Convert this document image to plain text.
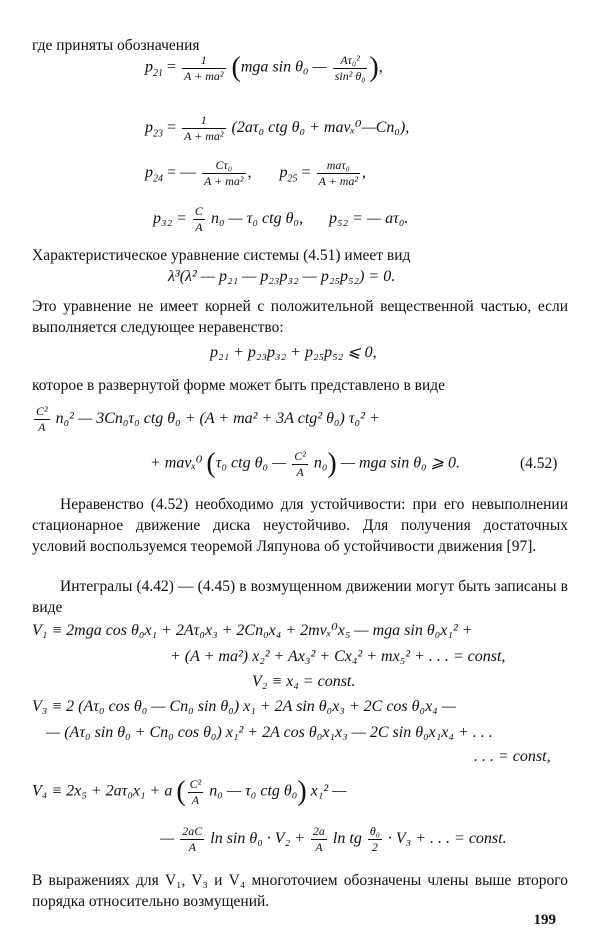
где приняты обозначения
$p_{21} = \frac{1}{\text{A + ma²}} (mga$ sin θ₀ — $\frac{\text{Aτ₀²}}{\text{sin² θ₀}}$ ),
$p_{23} = \frac{1}{\text{A + ma²}} (2a\tau_0$ ctg θ₀ + mavₓ⁰—Cn₀),
$p_{24}$ = — $\frac{\text{Cτ₀}}{\text{A + ma²}}$ , $p_{25} = \frac{\text{maτ₀}}{\text{A + ma²}}$ ,
$p_{32} = \frac{C}{A} n_0$ — τ₀ ctg θ₀, p₅₂ = — aτ₀.
Характеристическое уравнение системы (4.51) имеет вид
λ³(λ² — p₂₁ — p₂₃p₃₂ — p₂₅p₅₂) = 0.
Это уравнение не имеет корней с положительной вещественной частью, если выполняется следующее неравенство:
p₂₁ + p₂₃p₃₂ + p₂₅p₅₂ ⩽ 0,
которое в развернутой форме может быть представлено в виде
$\frac{\text{C²}}{A} n_0^2$ — 3Cn₀τ₀ ctg θ₀ + (A + ma² + 3A ctg² θ₀) τ₀² +
+ mavₓ⁰ (τ₀ ctg θ₀ — $\frac{\text{C²}}{A} n_0$) — mga sin θ₀ ⩾ 0.	(4.52)
Неравенство (4.52) необходимо для устойчивости: при его невыполнении стационарное движение диска неустойчиво. Для получения достаточных условий воспользуемся теоремой Ляпунова об устойчивости движения [97].
Интегралы (4.42) — (4.45) в возмущенном движении могут быть записаны в виде
V₁ ≡ 2mga cos θ₀x₁ + 2Aτ₀x₃ + 2Cn₀x₄ + 2mvₓ⁰x₅ — mga sin θ₀x₁² +
+ (A + ma²) x₂² + Ax₃² + Cx₄² + mx₅² + . . . = const,
V₂ ≡ x₄ = const.
V₃ ≡ 2 (Aτ₀ cos θ₀ — Cn₀ sin θ₀) x₁ + 2A sin θ₀x₃ + 2C cos θ₀x₄ —
— (Aτ₀ sin θ₀ + Cn₀ cos θ₀) x₁² + 2A cos θ₀x₁x₃ — 2C sin θ₀x₁x₄ + . . .
. . . = const,
V₄ ≡ 2x₅ + 2aτ₀x₁ + a ( $\frac{\text{C²}}{A} n_0$ — τ₀ ctg θ₀) x₁² —
— $\frac{2aC}{A}$ $\ln \sin \theta_0 \cdot V_2 + \frac{2a}{A}$ ln tg $\frac{\text{θ₀}}{2} \cdot V_3$ + . . . = const.
В выражениях для V₁, V₃ и V₄ многоточием обозначены члены выше второго порядка относительно возмущений.
199
